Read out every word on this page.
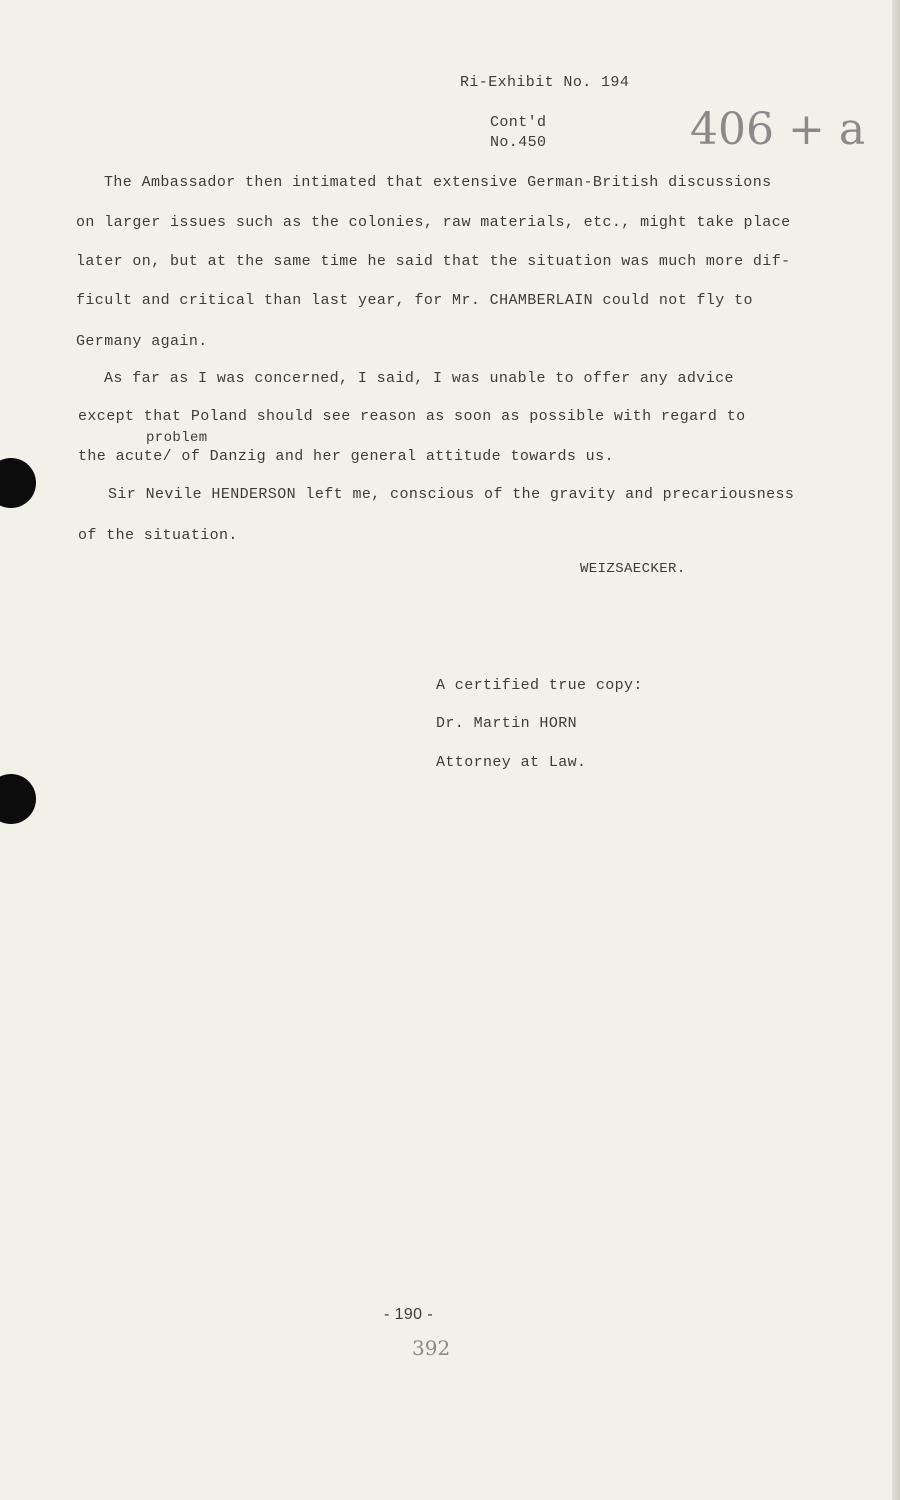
Ri-Exhibit No. 194
Cont'd
No.450	406 + a
The Ambassador then intimated that extensive German-British discussions
on larger issues such as the colonies, raw materials, etc., might take place
later on, but at the same time he said that the situation was much more dif-
ficult and critical than last year, for Mr. CHAMBERLAIN could not fly to
Germany again.
As far as I was concerned, I said, I was unable to offer any advice
except that Poland should see reason as soon as possible with regard to
problem
the acute/ of Danzig and her general attitude towards us.
Sir Nevile HENDERSON left me, conscious of the gravity and precariousness
of the situation.
WEIZSAECKER.
A certified true copy:
Dr. Martin HORN
Attorney at Law.
- 190 -
392
